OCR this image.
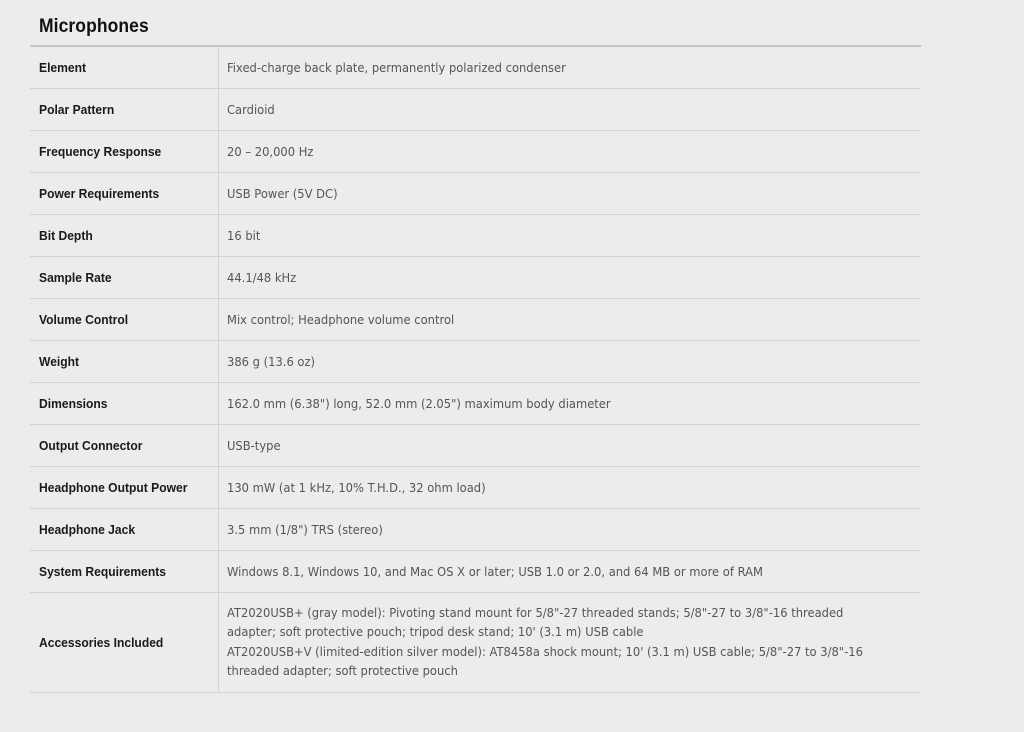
Microphones
Element	Fixed-charge back plate, permanently polarized condenser

Polar Pattern	Cardioid

Frequency Response	20 – 20,000 Hz

Power Requirements	USB Power (5V DC)

Bit Depth	16 bit

Sample Rate	44.1/48 kHz

Volume Control	Mix control; Headphone volume control

Weight	386 g (13.6 oz)

Dimensions	162.0 mm (6.38") long, 52.0 mm (2.05") maximum body diameter

Output Connector	USB-type

Headphone Output Power	130 mW (at 1 kHz, 10% T.H.D., 32 ohm load)

Headphone Jack	3.5 mm (1/8") TRS (stereo)

System Requirements	Windows 8.1, Windows 10, and Mac OS X or later; USB 1.0 or 2.0, and 64 MB or more of RAM

Accessories Included	AT2020USB+ (gray model): Pivoting stand mount for 5/8"-27 threaded stands; 5/8"-27 to 3/8"-16 threaded adapter; soft protective pouch; tripod desk stand; 10' (3.1 m) USB cable
AT2020USB+V (limited-edition silver model): AT8458a shock mount; 10' (3.1 m) USB cable; 5/8"-27 to 3/8"-16 threaded adapter; soft protective pouch
